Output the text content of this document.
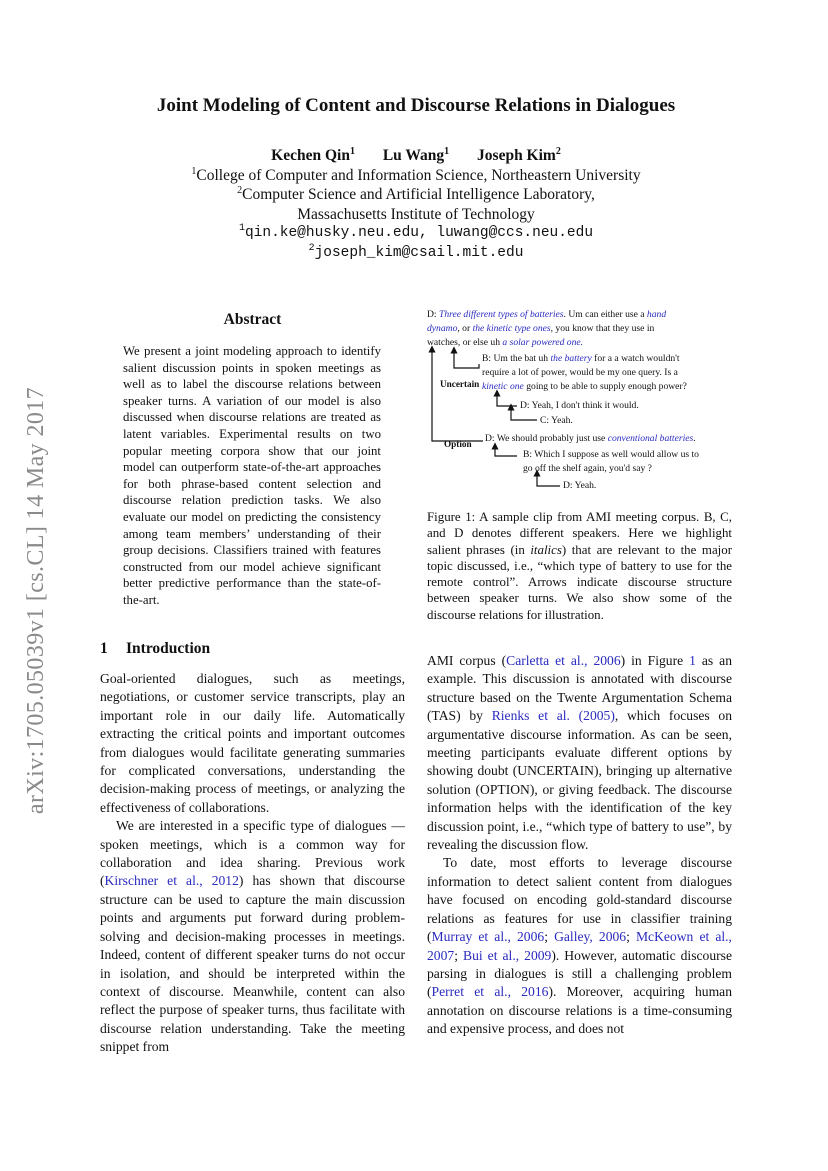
arXiv:1705.05039v1 [cs.CL] 14 May 2017
Joint Modeling of Content and Discourse Relations in Dialogues
Kechen Qin$^1$ Lu Wang$^1$ Joseph Kim$^2$
$^1$College of Computer and Information Science, Northeastern University
$^2$Computer Science and Artificial Intelligence Laboratory,
Massachusetts Institute of Technology
$^1$qin.ke@husky.neu.edu, luwang@ccs.neu.edu
$^2$joseph_kim@csail.mit.edu
Abstract
We present a joint modeling approach to identify salient discussion points in spoken meetings as well as to label the discourse relations between speaker turns. A variation of our model is also discussed when discourse relations are treated as latent variables. Experimental results on two popular meeting corpora show that our joint model can outperform state-of-the-art approaches for both phrase-based content selection and discourse relation prediction tasks. We also evaluate our model on predicting the consistency among team members’ understanding of their group decisions. Classifiers trained with features constructed from our model achieve significant better predictive performance than the state-of-the-art.
1 Introduction

Goal-oriented dialogues, such as meetings, negotiations, or customer service transcripts, play an important role in our daily life. Automatically extracting the critical points and important outcomes from dialogues would facilitate generating summaries for complicated conversations, understanding the decision-making process of meetings, or analyzing the effectiveness of collaborations.

We are interested in a specific type of dialogues — spoken meetings, which is a common way for collaboration and idea sharing. Previous work (Kirschner et al., 2012) has shown that discourse structure can be used to capture the main discussion points and arguments put forward during problem-solving and decision-making processes in meetings. Indeed, content of different speaker turns do not occur in isolation, and should be interpreted within the context of discourse. Meanwhile, content can also reflect the purpose of speaker turns, thus facilitate with discourse relation understanding. Take the meeting snippet from

D: Three different types of batteries. Um can either use a hand
dynamo, or the kinetic type ones, you know that they use in
watches, or else uh a solar powered one.
B: Um the bat uh the battery for a a watch wouldn't
require a lot of power, would be my one query. Is a
Uncertain kinetic one going to be able to supply enough power?
D: Yeah, I don't think it would.
C: Yeah.
Option D: We should probably just use conventional batteries.
B: Which I suppose as well would allow us to
go off the shelf again, you'd say ?
D: Yeah.
Figure 1: A sample clip from AMI meeting corpus. B, C, and D denotes different speakers. Here we highlight salient phrases (in italics) that are relevant to the major topic discussed, i.e., “which type of battery to use for the remote control”. Arrows indicate discourse structure between speaker turns. We also show some of the discourse relations for illustration.

AMI corpus (Carletta et al., 2006) in Figure 1 as an example. This discussion is annotated with discourse structure based on the Twente Argumentation Schema (TAS) by Rienks et al. (2005), which focuses on argumentative discourse information. As can be seen, meeting participants evaluate different options by showing doubt (UNCERTAIN), bringing up alternative solution (OPTION), or giving feedback. The discourse information helps with the identification of the key discussion point, i.e., “which type of battery to use”, by revealing the discussion flow.

To date, most efforts to leverage discourse information to detect salient content from dialogues have focused on encoding gold-standard discourse relations as features for use in classifier training (Murray et al., 2006; Galley, 2006; McKeown et al., 2007; Bui et al., 2009). However, automatic discourse parsing in dialogues is still a challenging problem (Perret et al., 2016). Moreover, acquiring human annotation on discourse relations is a time-consuming and expensive process, and does not
